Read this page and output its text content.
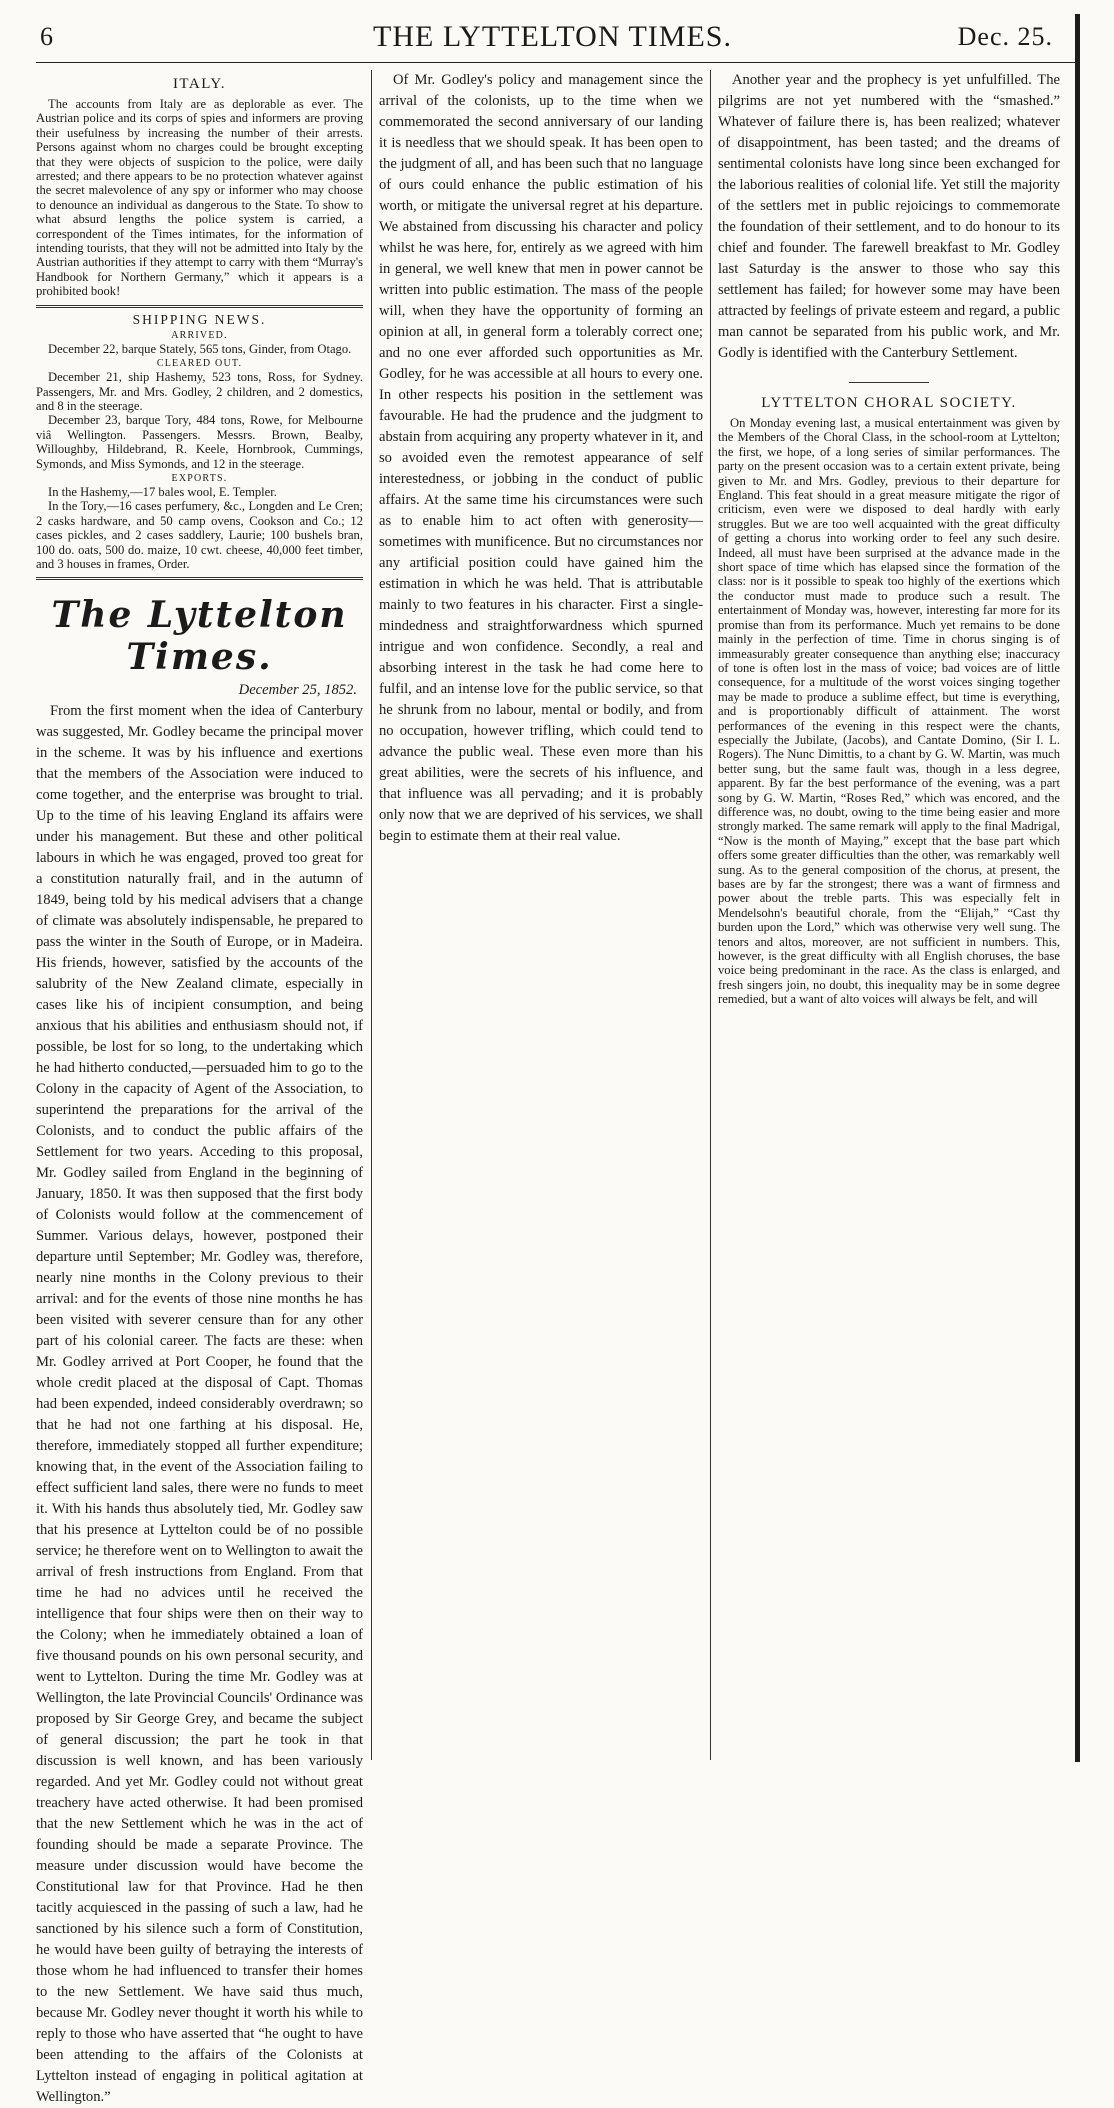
6	THE LYTTELTON TIMES.	Dec. 25.
ITALY.

The accounts from Italy are as deplorable as ever. The Austrian police and its corps of spies and informers are proving their usefulness by increasing the number of their arrests. Persons against whom no charges could be brought excepting that they were objects of suspicion to the police, were daily arrested; and there appears to be no protection whatever against the secret malevolence of any spy or informer who may choose to denounce an individual as dangerous to the State. To show to what absurd lengths the police system is carried, a correspondent of the Times intimates, for the information of intending tourists, that they will not be admitted into Italy by the Austrian authorities if they attempt to carry with them “Murray's Handbook for Northern Germany,” which it appears is a prohibited book!

SHIPPING NEWS.
ARRIVED.

December 22, barque Stately, 565 tons, Ginder, from Otago.

CLEARED OUT.

December 21, ship Hashemy, 523 tons, Ross, for Sydney. Passengers, Mr. and Mrs. Godley, 2 children, and 2 domestics, and 8 in the steerage.

December 23, barque Tory, 484 tons, Rowe, for Melbourne viâ Wellington. Passengers. Messrs. Brown, Bealby, Willoughby, Hildebrand, R. Keele, Hornbrook, Cummings, Symonds, and Miss Symonds, and 12 in the steerage.

EXPORTS.

In the Hashemy,—17 bales wool, E. Templer.

In the Tory,—16 cases perfumery, &c., Longden and Le Cren; 2 casks hardware, and 50 camp ovens, Cookson and Co.; 12 cases pickles, and 2 cases saddlery, Laurie; 100 bushels bran, 100 do. oats, 500 do. maize, 10 cwt. cheese, 40,000 feet timber, and 3 houses in frames, Order.

The Lyttelton Times.
December 25, 1852.

From the first moment when the idea of Canterbury was suggested, Mr. Godley became the principal mover in the scheme. It was by his influence and exertions that the members of the Association were induced to come together, and the enterprise was brought to trial. Up to the time of his leaving England its affairs were under his management. But these and other political labours in which he was engaged, proved too great for a constitution naturally frail, and in the autumn of 1849, being told by his medical advisers that a change of climate was absolutely indispensable, he prepared to pass the winter in the South of Europe, or in Madeira. His friends, however, satisfied by the accounts of the salubrity of the New Zealand climate, especially in cases like his of incipient consumption, and being anxious that his abilities and enthusiasm should not, if possible, be lost for so long, to the undertaking which he had hitherto conducted,—persuaded him to go to the Colony in the capacity of Agent of the Association, to superintend the preparations for the arrival of the Colonists, and to conduct the public affairs of the Settlement for two years. Acceding to this proposal, Mr. Godley sailed from England in the beginning of January, 1850. It was then supposed that the first body of Colonists would follow at the commencement of Summer. Various delays, however, postponed their departure until September; Mr. Godley was, therefore, nearly nine months in the Colony previous to their arrival: and for the events of those nine months he has been visited with severer censure than for any other part of his colonial career. The facts are these: when Mr. Godley arrived at Port Cooper, he found that the whole credit placed at the disposal of Capt. Thomas had been expended, indeed considerably overdrawn; so that he had not one farthing at his disposal. He, therefore, immediately stopped all further expenditure; knowing that, in the event of the Association failing to effect sufficient land sales, there were no funds to meet it. With his hands thus absolutely tied, Mr. Godley saw that his presence at Lyttelton could be of no possible service; he therefore went on to Wellington to await the arrival of fresh instructions from England. From that time he had no advices until he received the intelligence that four ships were then on their way to the Colony; when he immediately obtained a loan of five thousand pounds on his own personal security, and went to Lyttelton. During the time Mr. Godley was at Wellington, the late Provincial Councils' Ordinance was proposed by Sir George Grey, and became the subject of general discussion; the part he took in that discussion is well known, and has been variously regarded. And yet Mr. Godley could not without great treachery have acted otherwise. It had been promised that the new Settlement which he was in the act of founding should be made a separate Province. The measure under discussion would have become the Constitutional law for that Province. Had he then tacitly acquiesced in the passing of such a law, had he sanctioned by his silence such a form of Constitution, he would have been guilty of betraying the interests of those whom he had influenced to transfer their homes to the new Settlement. We have said thus much, because Mr. Godley never thought it worth his while to reply to those who have asserted that “he ought to have been attending to the affairs of the Colonists at Lyttelton instead of engaging in political agitation at Wellington.”

Of Mr. Godley's policy and management since the arrival of the colonists, up to the time when we commemorated the second anniversary of our landing it is needless that we should speak. It has been open to the judgment of all, and has been such that no language of ours could enhance the public estimation of his worth, or mitigate the universal regret at his departure. We abstained from discussing his character and policy whilst he was here, for, entirely as we agreed with him in general, we well knew that men in power cannot be written into public estimation. The mass of the people will, when they have the opportunity of forming an opinion at all, in general form a tolerably correct one; and no one ever afforded such opportunities as Mr. Godley, for he was accessible at all hours to every one. In other respects his position in the settlement was favourable. He had the prudence and the judgment to abstain from acquiring any property whatever in it, and so avoided even the remotest appearance of self interestedness, or jobbing in the conduct of public affairs. At the same time his circumstances were such as to enable him to act often with generosity—sometimes with munificence. But no circumstances nor any artificial position could have gained him the estimation in which he was held. That is attributable mainly to two features in his character. First a single-mindedness and straightforwardness which spurned intrigue and won confidence. Secondly, a real and absorbing interest in the task he had come here to fulfil, and an intense love for the public service, so that he shrunk from no labour, mental or bodily, and from no occupation, however trifling, which could tend to advance the public weal. These even more than his great abilities, were the secrets of his influence, and that influence was all pervading; and it is probably only now that we are deprived of his services, we shall begin to estimate them at their real value.

Another year and the prophecy is yet unfulfilled. The pilgrims are not yet numbered with the “smashed.” Whatever of failure there is, has been realized; whatever of disappointment, has been tasted; and the dreams of sentimental colonists have long since been exchanged for the laborious realities of colonial life. Yet still the majority of the settlers met in public rejoicings to commemorate the foundation of their settlement, and to do honour to its chief and founder. The farewell breakfast to Mr. Godley last Saturday is the answer to those who say this settlement has failed; for however some may have been attracted by feelings of private esteem and regard, a public man cannot be separated from his public work, and Mr. Godly is identified with the Canterbury Settlement.

LYTTELTON CHORAL SOCIETY.

On Monday evening last, a musical entertainment was given by the Members of the Choral Class, in the school-room at Lyttelton; the first, we hope, of a long series of similar performances. The party on the present occasion was to a certain extent private, being given to Mr. and Mrs. Godley, previous to their departure for England. This feat should in a great measure mitigate the rigor of criticism, even were we disposed to deal hardly with early struggles. But we are too well acquainted with the great difficulty of getting a chorus into working order to feel any such desire. Indeed, all must have been surprised at the advance made in the short space of time which has elapsed since the formation of the class: nor is it possible to speak too highly of the exertions which the conductor must made to produce such a result. The entertainment of Monday was, however, interesting far more for its promise than from its performance. Much yet remains to be done mainly in the perfection of time. Time in chorus singing is of immeasurably greater consequence than anything else; inaccuracy of tone is often lost in the mass of voice; bad voices are of little consequence, for a multitude of the worst voices singing together may be made to produce a sublime effect, but time is everything, and is proportionably difficult of attainment. The worst performances of the evening in this respect were the chants, especially the Jubilate, (Jacobs), and Cantate Domino, (Sir I. L. Rogers). The Nunc Dimittis, to a chant by G. W. Martin, was much better sung, but the same fault was, though in a less degree, apparent. By far the best performance of the evening, was a part song by G. W. Martin, “Roses Red,” which was encored, and the difference was, no doubt, owing to the time being easier and more strongly marked. The same remark will apply to the final Madrigal, “Now is the month of Maying,” except that the base part which offers some greater difficulties than the other, was remarkably well sung. As to the general composition of the chorus, at present, the bases are by far the strongest; there was a want of firmness and power about the treble parts. This was especially felt in Mendelsohn's beautiful chorale, from the “Elijah,” “Cast thy burden upon the Lord,” which was otherwise very well sung. The tenors and altos, moreover, are not sufficient in numbers. This, however, is the great difficulty with all English choruses, the base voice being predominant in the race. As the class is enlarged, and fresh singers join, no doubt, this inequality may be in some degree remedied, but a want of alto voices will always be felt, and will
